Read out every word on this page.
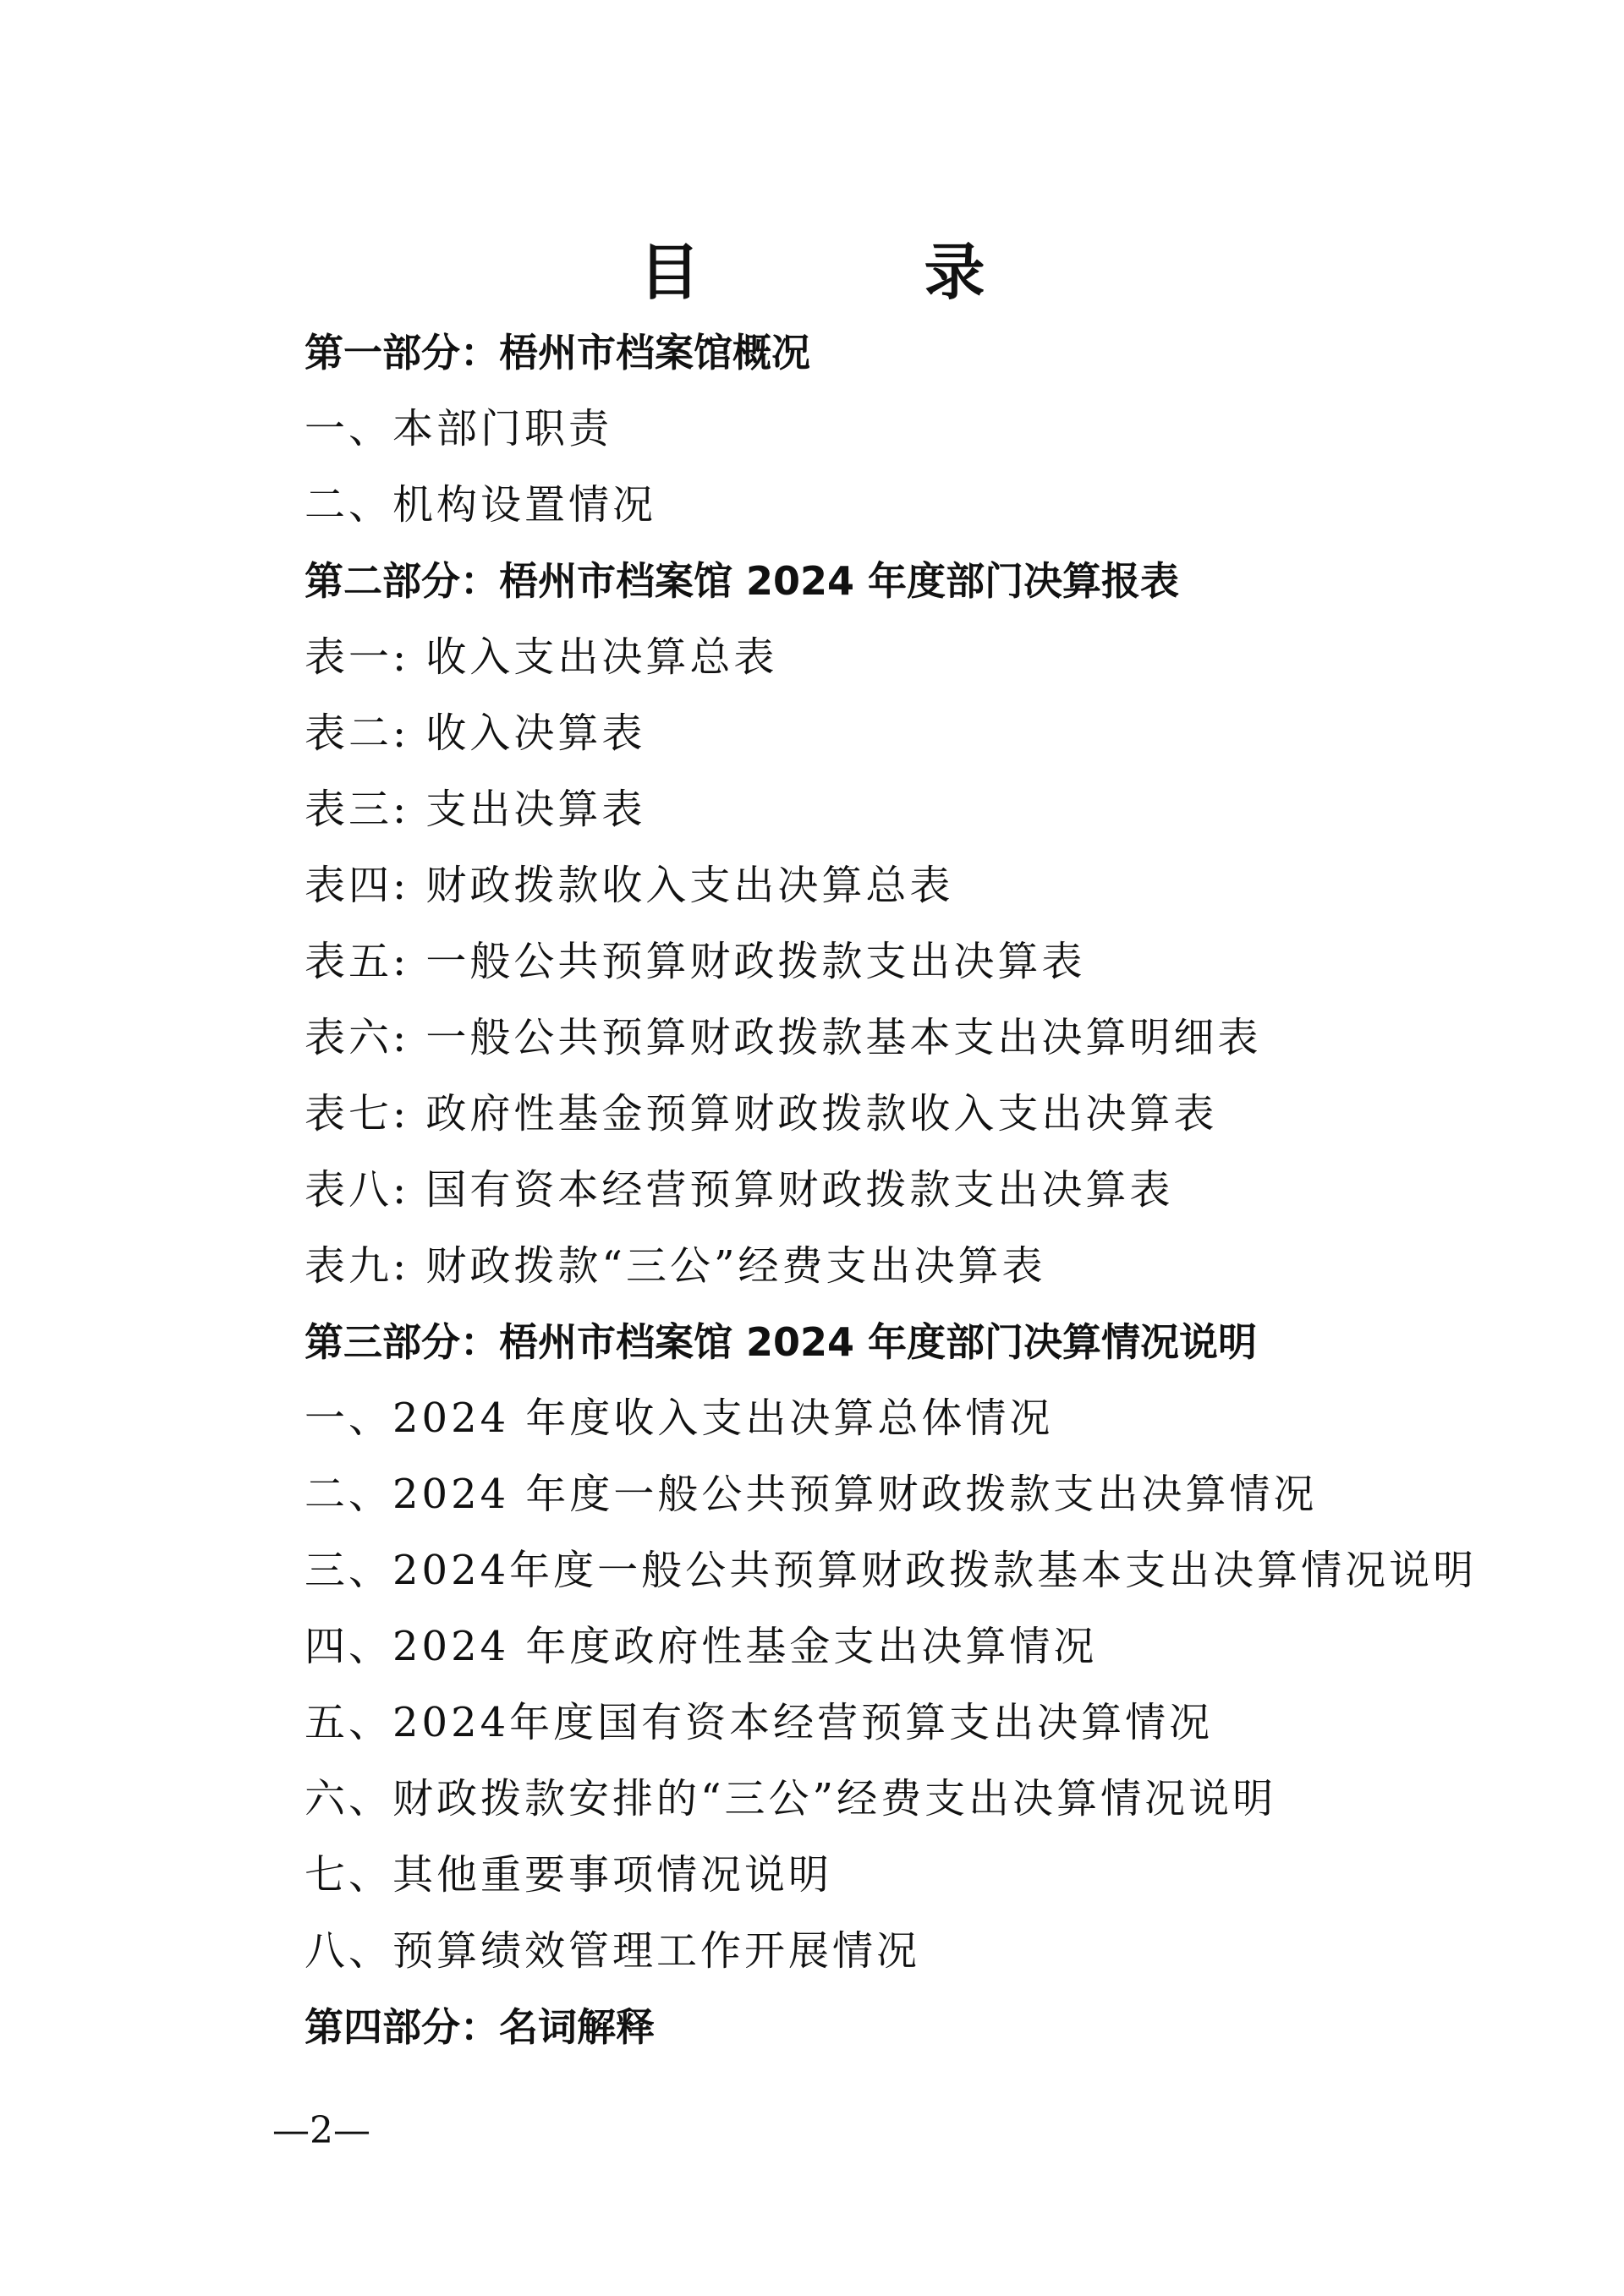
目 录
第一部分：梧州市档案馆概况
一、本部门职责
二、机构设置情况
第二部分：梧州市档案馆 2024 年度部门决算报表
表一: 收入支出决算总表
表二: 收入决算表
表三: 支出决算表
表四: 财政拨款收入支出决算总表
表五: 一般公共预算财政拨款支出决算表
表六: 一般公共预算财政拨款基本支出决算明细表
表七: 政府性基金预算财政拨款收入支出决算表
表八: 国有资本经营预算财政拨款支出决算表
表九: 财政拨款“三公”经费支出决算表
第三部分：梧州市档案馆 2024 年度部门决算情况说明
一、2024 年度收入支出决算总体情况
二、2024 年度一般公共预算财政拨款支出决算情况
三、2024年度一般公共预算财政拨款基本支出决算情况说明
四、2024 年度政府性基金支出决算情况
五、2024年度国有资本经营预算支出决算情况
六、财政拨款安排的“三公”经费支出决算情况说明
七、其他重要事项情况说明
八、预算绩效管理工作开展情况
第四部分：名词解释
—2—
